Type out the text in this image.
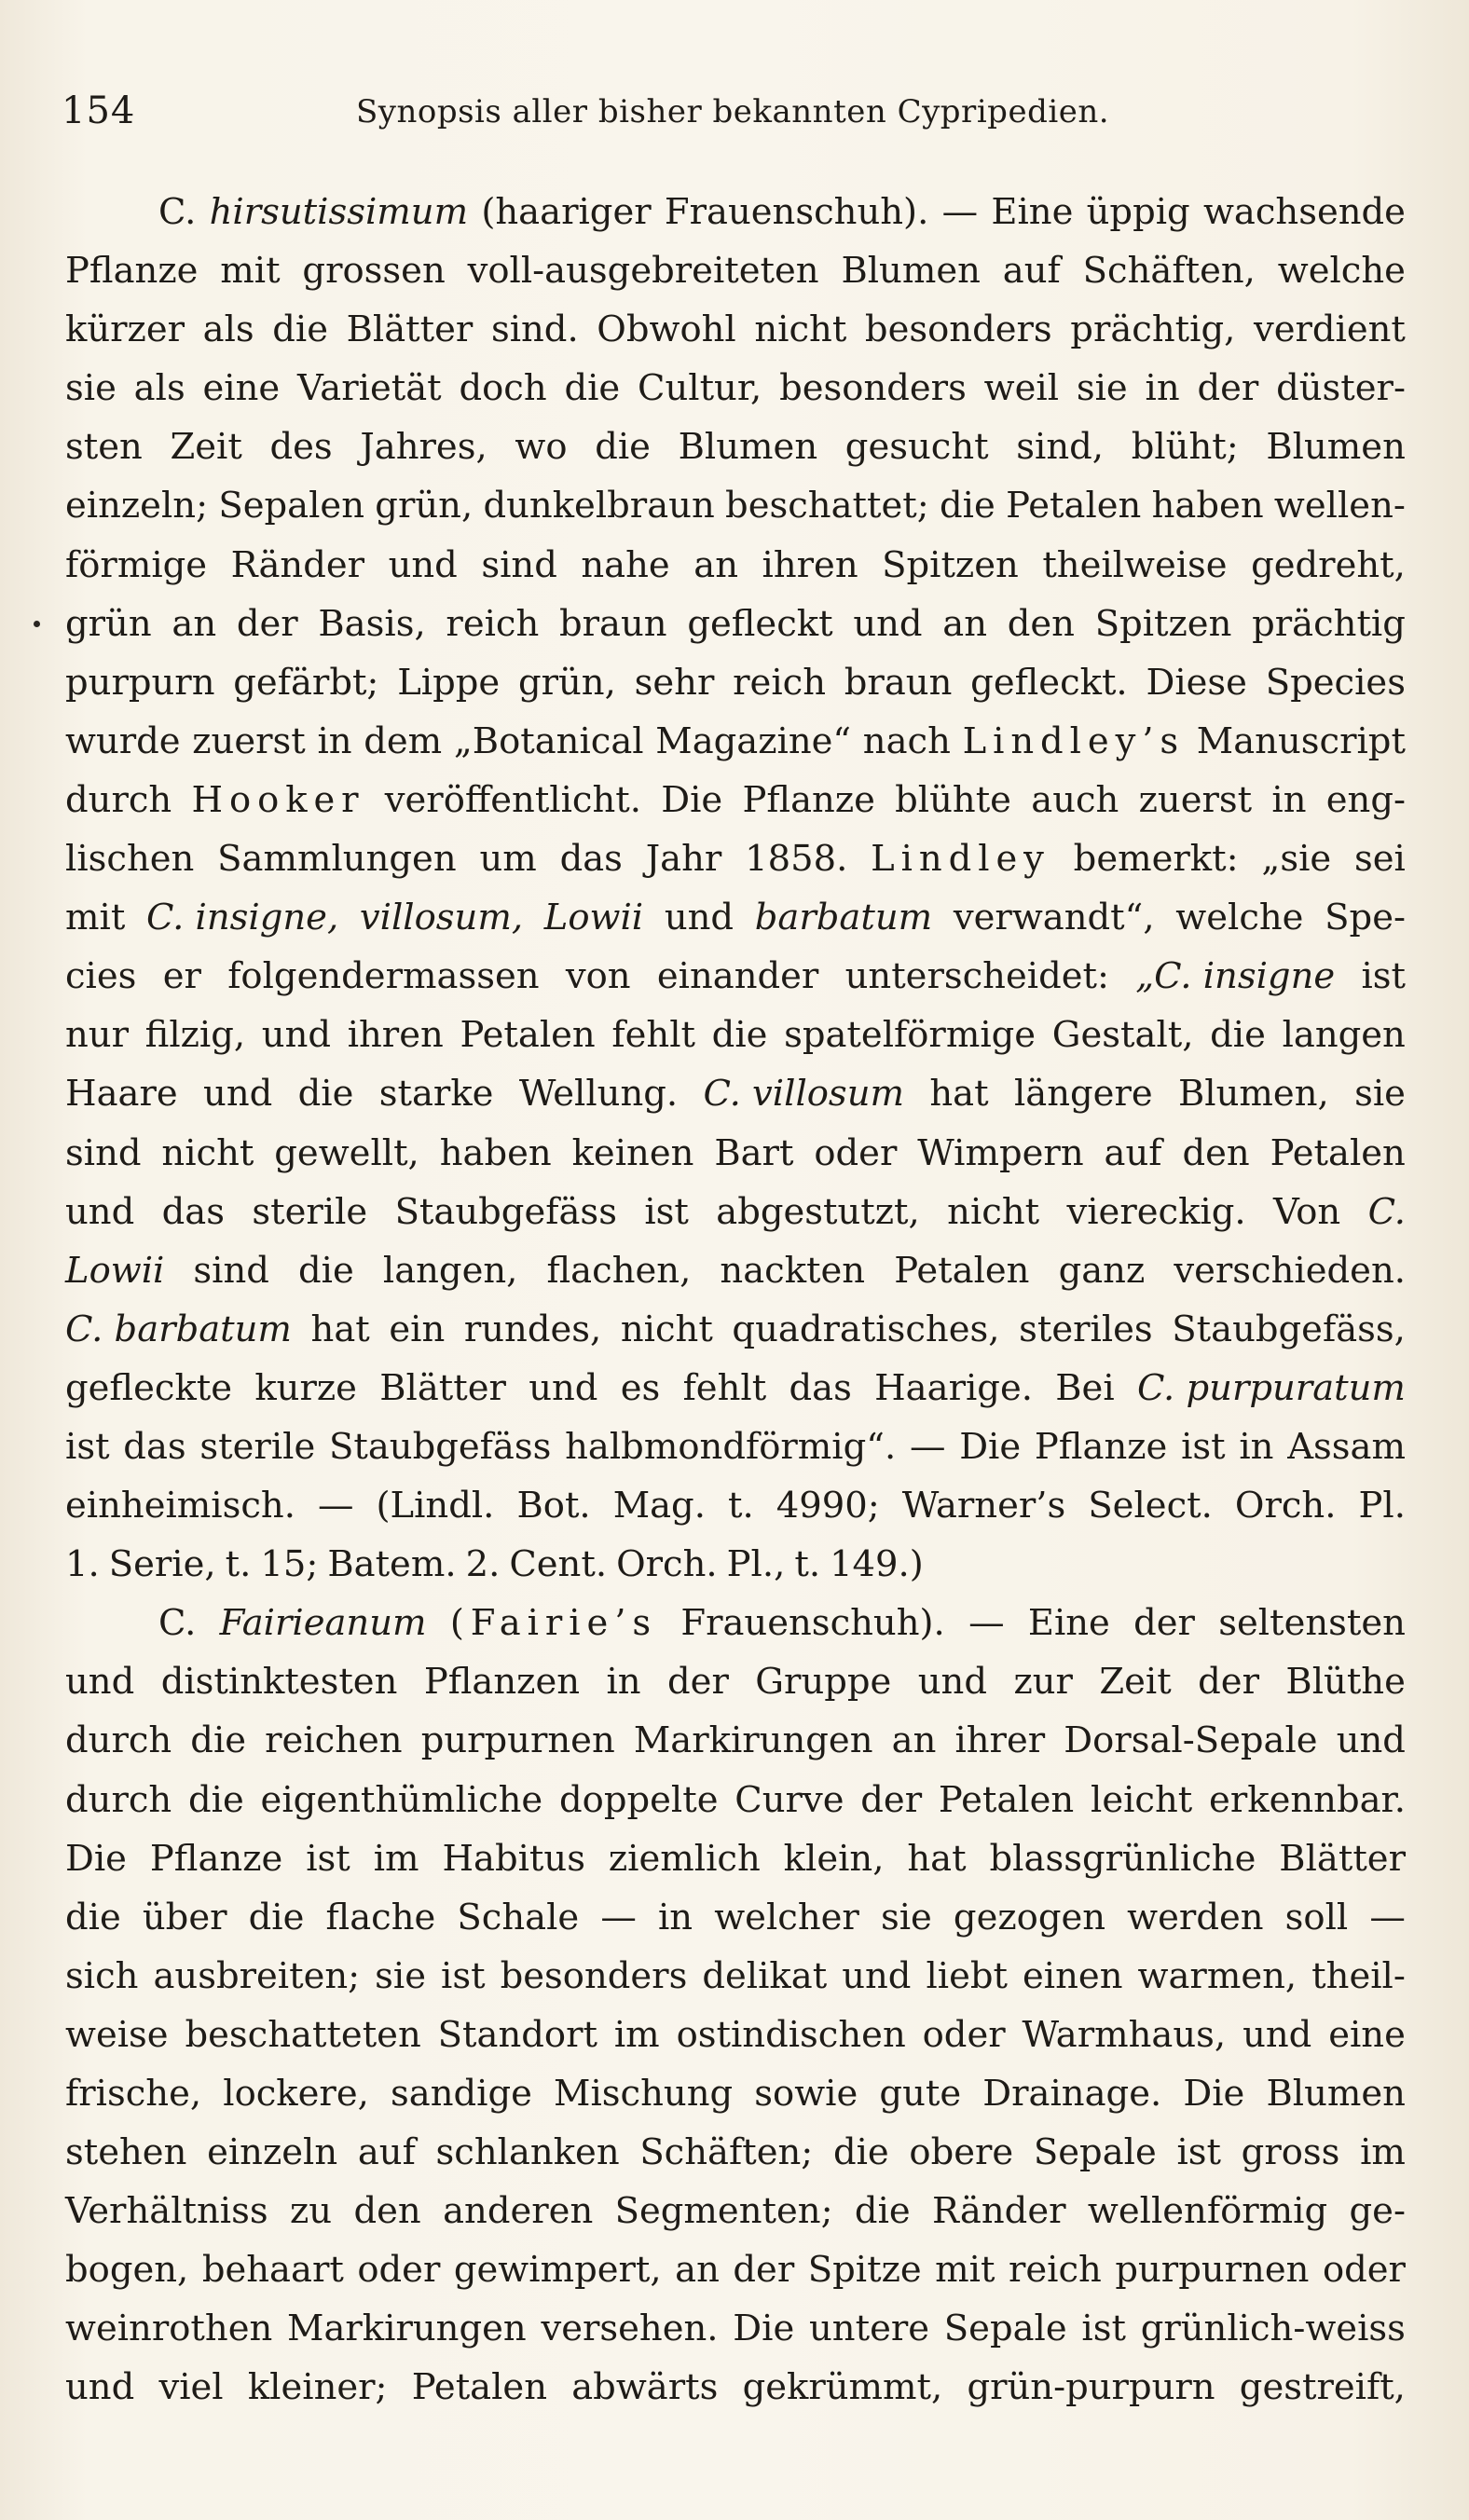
154	Synopsis aller bisher bekannten Cypripedien.
C. hirsutissimum (haariger Frauenschuh). — Eine üppig wachsende
Pflanze mit grossen voll-ausgebreiteten Blumen auf Schäften, welche
kürzer als die Blätter sind. Obwohl nicht besonders prächtig, verdient
sie als eine Varietät doch die Cultur, besonders weil sie in der düster-
sten Zeit des Jahres, wo die Blumen gesucht sind, blüht; Blumen
einzeln; Sepalen grün, dunkelbraun beschattet; die Petalen haben wellen-
förmige Ränder und sind nahe an ihren Spitzen theilweise gedreht,
grün an der Basis, reich braun gefleckt und an den Spitzen prächtig
purpurn gefärbt; Lippe grün, sehr reich braun gefleckt. Diese Species
wurde zuerst in dem „Botanical Magazine“ nach Lindley’s Manuscript
durch Hooker veröffentlicht. Die Pflanze blühte auch zuerst in eng-
lischen Sammlungen um das Jahr 1858. Lindley bemerkt: „sie sei
mit C. insigne, villosum, Lowii und barbatum verwandt“, welche Spe-
cies er folgendermassen von einander unterscheidet: „C. insigne ist
nur filzig, und ihren Petalen fehlt die spatelförmige Gestalt, die langen
Haare und die starke Wellung. C. villosum hat längere Blumen, sie
sind nicht gewellt, haben keinen Bart oder Wimpern auf den Petalen
und das sterile Staubgefäss ist abgestutzt, nicht viereckig. Von C.
Lowii sind die langen, flachen, nackten Petalen ganz verschieden.
C. barbatum hat ein rundes, nicht quadratisches, steriles Staubgefäss,
gefleckte kurze Blätter und es fehlt das Haarige. Bei C. purpuratum
ist das sterile Staubgefäss halbmondförmig“. — Die Pflanze ist in Assam
einheimisch. — (Lindl. Bot. Mag. t. 4990; Warner’s Select. Orch. Pl.
1. Serie, t. 15; Batem. 2. Cent. Orch. Pl., t. 149.)
C. Fairieanum (Fairie’s Frauenschuh). — Eine der seltensten
und distinktesten Pflanzen in der Gruppe und zur Zeit der Blüthe
durch die reichen purpurnen Markirungen an ihrer Dorsal-Sepale und
durch die eigenthümliche doppelte Curve der Petalen leicht erkennbar.
Die Pflanze ist im Habitus ziemlich klein, hat blassgrünliche Blätter
die über die flache Schale — in welcher sie gezogen werden soll —
sich ausbreiten; sie ist besonders delikat und liebt einen warmen, theil-
weise beschatteten Standort im ostindischen oder Warmhaus, und eine
frische, lockere, sandige Mischung sowie gute Drainage. Die Blumen
stehen einzeln auf schlanken Schäften; die obere Sepale ist gross im
Verhältniss zu den anderen Segmenten; die Ränder wellenförmig ge-
bogen, behaart oder gewimpert, an der Spitze mit reich purpurnen oder
weinrothen Markirungen versehen. Die untere Sepale ist grünlich-weiss
und viel kleiner; Petalen abwärts gekrümmt, grün-purpurn gestreift,
